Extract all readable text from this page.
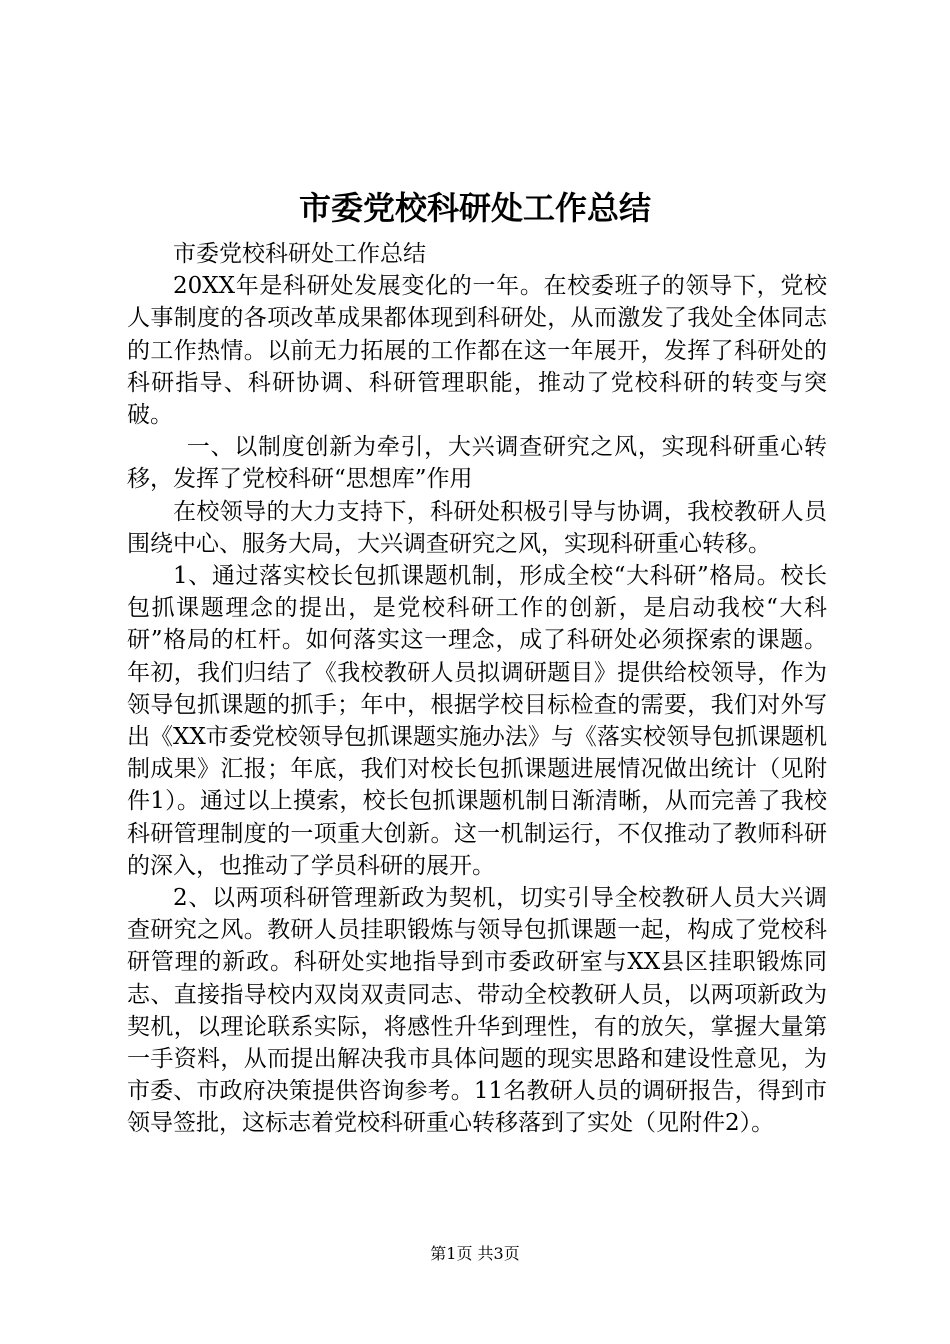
市委党校科研处工作总结

市委党校科研处工作总结

20XX年是科研处发展变化的一年。在校委班子的领导下，党校人事制度的各项改革成果都体现到科研处，从而激发了我处全体同志的工作热情。以前无力拓展的工作都在这一年展开，发挥了科研处的科研指导、科研协调、科研管理职能，推动了党校科研的转变与突破。

一、以制度创新为牵引，大兴调查研究之风，实现科研重心转移，发挥了党校科研“思想库”作用

在校领导的大力支持下，科研处积极引导与协调，我校教研人员围绕中心、服务大局，大兴调查研究之风，实现科研重心转移。

1、通过落实校长包抓课题机制，形成全校“大科研”格局。校长包抓课题理念的提出，是党校科研工作的创新，是启动我校“大科研”格局的杠杆。如何落实这一理念，成了科研处必须探索的课题。年初，我们归结了《我校教研人员拟调研题目》提供给校领导，作为领导包抓课题的抓手；年中，根据学校目标检查的需要，我们对外写出《XX市委党校领导包抓课题实施办法》与《落实校领导包抓课题机制成果》汇报；年底，我们对校长包抓课题进展情况做出统计（见附件1）。通过以上摸索，校长包抓课题机制日渐清晰，从而完善了我校科研管理制度的一项重大创新。这一机制运行，不仅推动了教师科研的深入，也推动了学员科研的展开。

2、以两项科研管理新政为契机，切实引导全校教研人员大兴调查研究之风。教研人员挂职锻炼与领导包抓课题一起，构成了党校科研管理的新政。科研处实地指导到市委政研室与XX县区挂职锻炼同志、直接指导校内双岗双责同志、带动全校教研人员，以两项新政为契机，以理论联系实际，将感性升华到理性，有的放矢，掌握大量第一手资料，从而提出解决我市具体问题的现实思路和建设性意见，为市委、市政府决策提供咨询参考。11名教研人员的调研报告，得到市领导签批，这标志着党校科研重心转移落到了实处（见附件2）。

第1页 共3页
